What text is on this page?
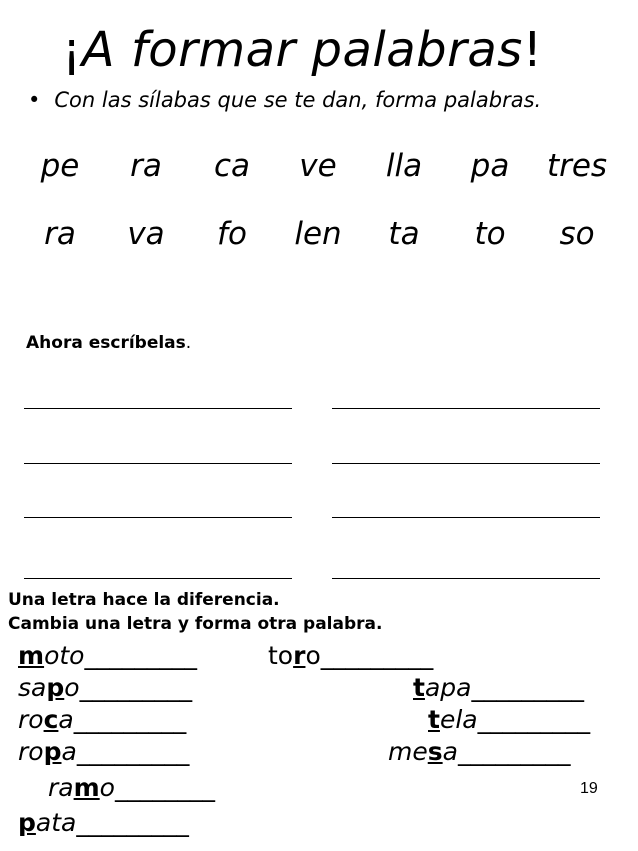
¡A formar palabras!
• Con las sílabas que se te dan, forma palabras.
pe	ra	ca	ve	lla	pa	tres
ra	va	fo	len	ta	to	so
Ahora escríbelas.
Una letra hace la diferencia.
Cambia una letra y forma otra palabra.
moto_________	toro_________
sapo_________	tapa_________
roca_________	tela_________
ropa_________	mesa_________
ramo________
pata_________
19
